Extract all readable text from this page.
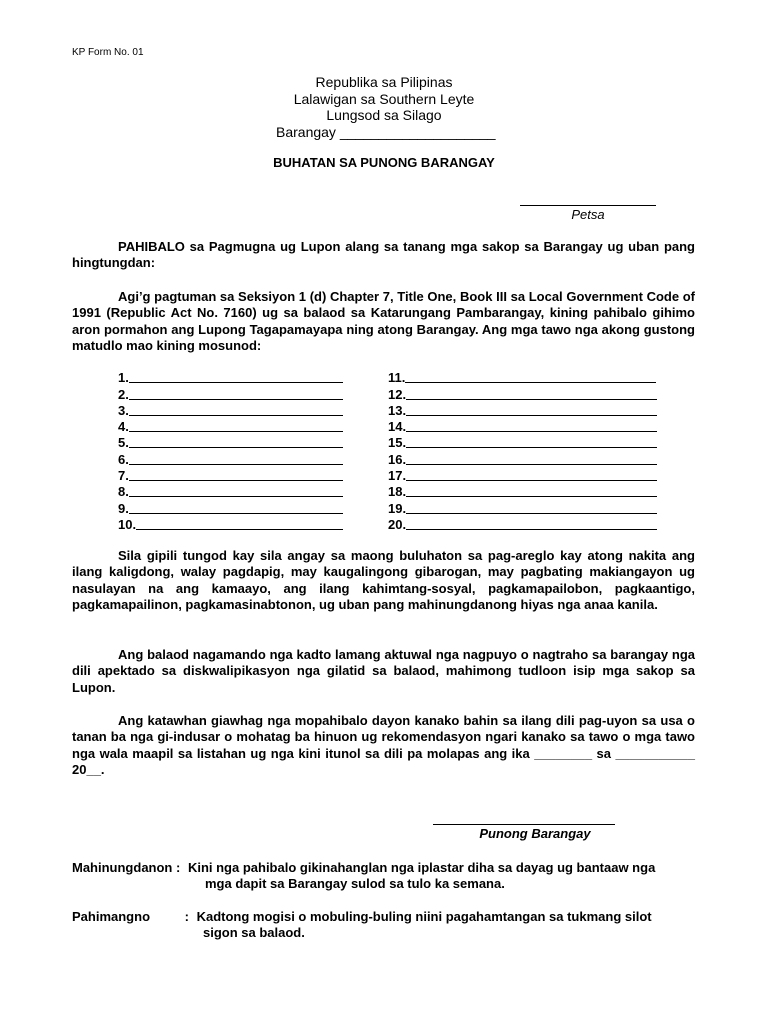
KP Form No. 01
Republika sa Pilipinas
Lalawigan sa Southern Leyte
Lungsod sa Silago
Barangay ____________________
BUHATAN SA PUNONG BARANGAY
Petsa
PAHIBALO sa Pagmugna ug Lupon alang sa tanang mga sakop sa Barangay ug uban pang hingtungdan:
Agi’g pagtuman sa Seksiyon 1 (d) Chapter 7, Title One, Book III sa Local Government Code of 1991 (Republic Act No. 7160) ug sa balaod sa Katarungang Pambarangay, kining pahibalo gihimo aron pormahon ang Lupong Tagapamayapa ning atong Barangay. Ang mga tawo nga akong gustong matudlo mao kining mosunod:
1.
2.
3.
4.
5.
6.
7.
8.
9.
10.
11.
12.
13.
14.
15.
16.
17.
18.
19.
20.
Sila gipili tungod kay sila angay sa maong buluhaton sa pag-areglo kay atong nakita ang ilang kaligdong, walay pagdapig, may kaugalingong gibarogan, may pagbating makiangayon ug nasulayan na ang kamaayo, ang ilang kahimtang-sosyal, pagkamapailobon, pagkaantigo, pagkamapailinon, pagkamasinabtonon, ug uban pang mahinungdanong hiyas nga anaa kanila.
Ang balaod nagamando nga kadto lamang aktuwal nga nagpuyo o nagtraho sa barangay nga dili apektado sa diskwalipikasyon nga gilatid sa balaod, mahimong tudloon isip mga sakop sa Lupon.
Ang katawhan giawhag nga mopahibalo dayon kanako bahin sa ilang dili pag-uyon sa usa o tanan ba nga gi-indusar o mohatag ba hinuon ug rekomendasyon ngari kanako sa tawo o mga tawo nga wala maapil sa listahan ug nga kini itunol sa dili pa molapas ang ika ________ sa ___________ 20__.
Punong Barangay
Mahinungdanon : Kini nga pahibalo gikinahanglan nga iplastar diha sa dayag ug bantaaw nga
mga dapit sa Barangay sulod sa tulo ka semana.
Pahimangno	: Kadtong mogisi o mobuling-buling niini pagahamtangan sa tukmang silot
sigon sa balaod.
